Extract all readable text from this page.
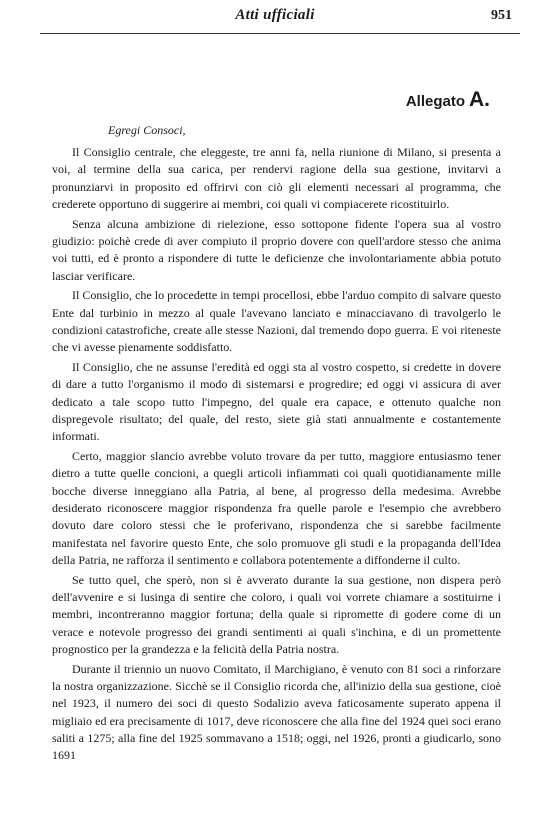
Atti ufficiali	951
Allegato A.
Egregi Consoci,

Il Consiglio centrale, che eleggeste, tre anni fa, nella riunione di Milano, si presenta a voi, al termine della sua carica, per rendervi ragione della sua gestione, invitarvi a pronunziarvi in proposito ed offrirvi con ciò gli elementi necessari al programma, che crederete opportuno di suggerire ai membri, coi quali vi compiacerete ricostituirlo.

Senza alcuna ambizione di rielezione, esso sottopone fidente l'opera sua al vostro giudizio: poichè crede di aver compiuto il proprio dovere con quell'ardore stesso che anima voi tutti, ed è pronto a rispondere di tutte le deficienze che involontariamente abbia potuto lasciar verificare.

Il Consiglio, che lo procedette in tempi procellosi, ebbe l'arduo compito di salvare questo Ente dal turbinio in mezzo al quale l'avevano lanciato e minacciavano di travolgerlo le condizioni catastrofiche, create alle stesse Nazioni, dal tremendo dopo guerra. E voi riteneste che vi avesse pienamente soddisfatto.

Il Consiglio, che ne assunse l'eredità ed oggi sta al vostro cospetto, si credette in dovere di dare a tutto l'organismo il modo di sistemarsi e progredire; ed oggi vi assicura di aver dedicato a tale scopo tutto l'impegno, del quale era capace, e ottenuto qualche non dispregevole risultato; del quale, del resto, siete già stati annualmente e costantemente informati.

Certo, maggior slancio avrebbe voluto trovare da per tutto, maggiore entusiasmo tener dietro a tutte quelle concioni, a quegli articoli infiammati coi quali quotidianamente mille bocche diverse inneggiano alla Patria, al bene, al progresso della medesima. Avrebbe desiderato riconoscere maggior rispondenza fra quelle parole e l'esempio che avrebbero dovuto dare coloro stessi che le proferivano, rispondenza che si sarebbe facilmente manifestata nel favorire questo Ente, che solo promuove gli studi e la propaganda dell'Idea della Patria, ne rafforza il sentimento e collabora potentemente a diffonderne il culto.

Se tutto quel, che sperò, non si è avverato durante la sua gestione, non dispera però dell'avvenire e si lusinga di sentire che coloro, i quali voi vorrete chiamare a sostituirne i membri, incontreranno maggior fortuna; della quale si ripromette di godere come di un verace e notevole progresso dei grandi sentimenti ai quali s'inchina, e di un promettente prognostico per la grandezza e la felicità della Patria nostra.

Durante il triennio un nuovo Comitato, il Marchigiano, è venuto con 81 soci a rinforzare la nostra organizzazione. Sicchè se il Consiglio ricorda che, all'inizio della sua gestione, cioè nel 1923, il numero dei soci di questo Sodalizio aveva faticosamente superato appena il migliaio ed era precisamente di 1017, deve riconoscere che alla fine del 1924 quei soci erano saliti a 1275; alla fine del 1925 sommavano a 1518; oggi, nel 1926, pronti a giudicarlo, sono 1691
